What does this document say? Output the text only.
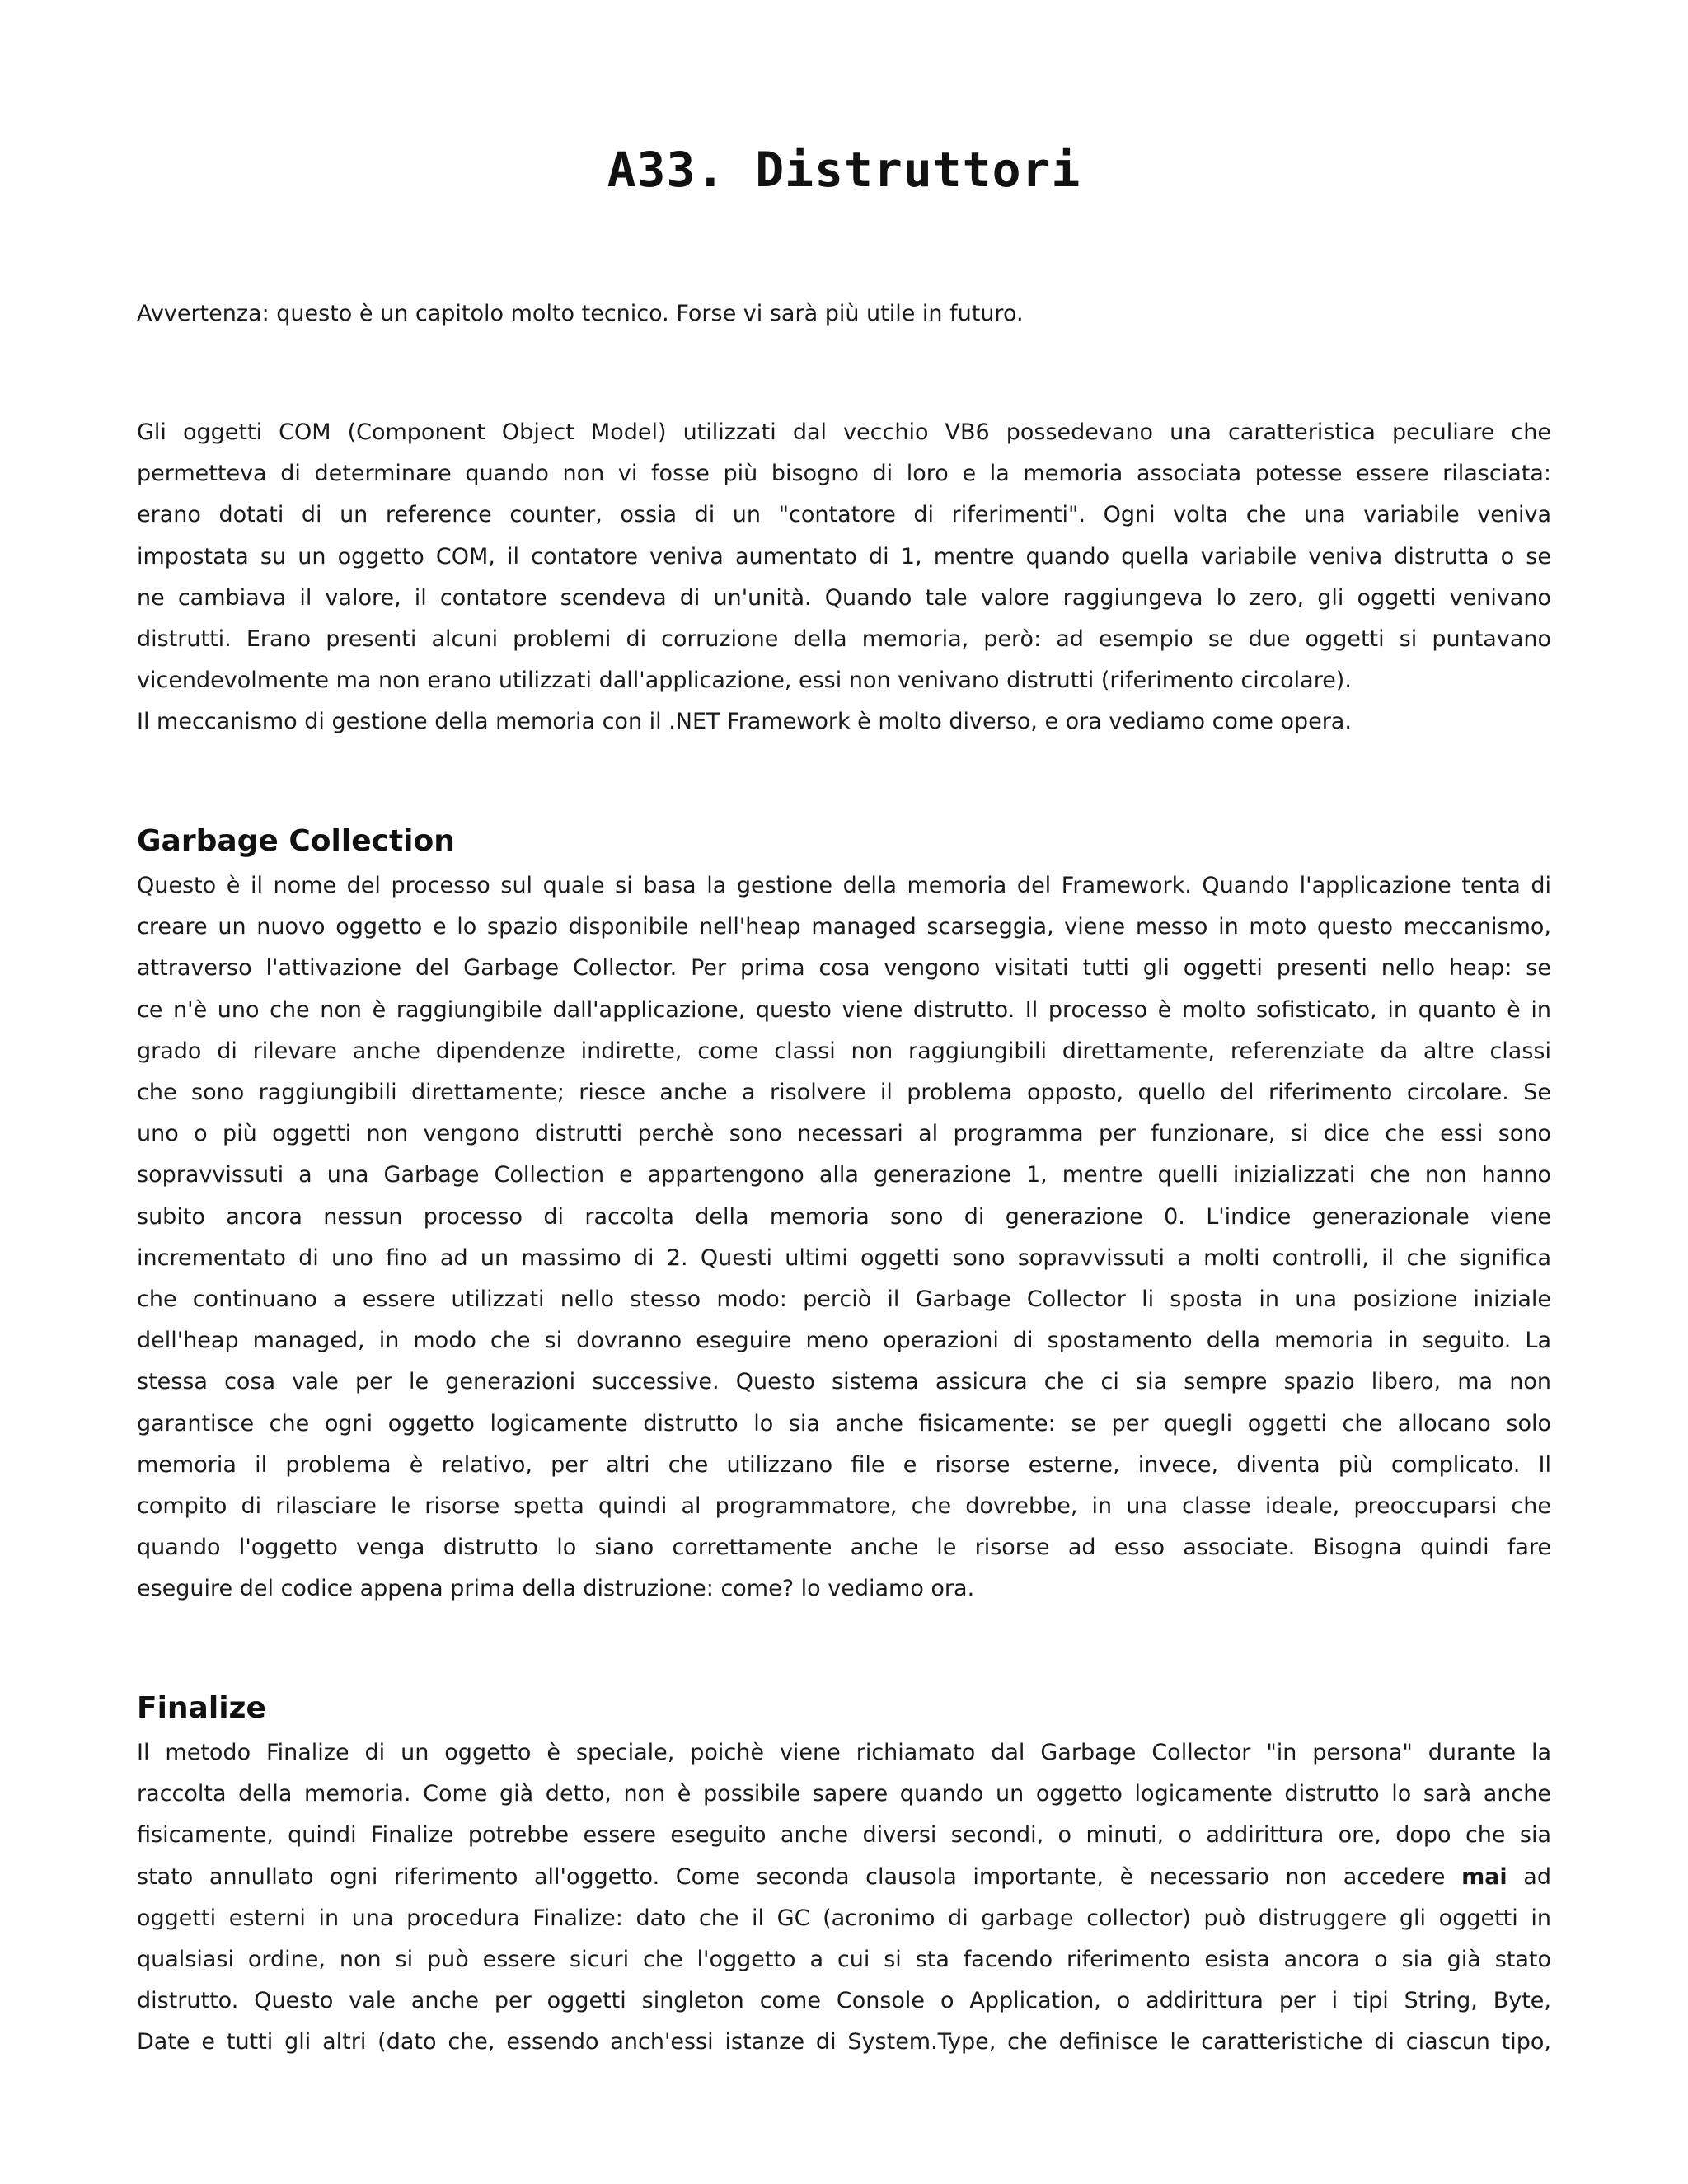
A33. Distruttori

Avvertenza: questo è un capitolo molto tecnico. Forse vi sarà più utile in futuro.

Gli oggetti COM (Component Object Model) utilizzati dal vecchio VB6 possedevano una caratteristica peculiare che
permetteva di determinare quando non vi fosse più bisogno di loro e la memoria associata potesse essere rilasciata:
erano dotati di un reference counter, ossia di un "contatore di riferimenti". Ogni volta che una variabile veniva
impostata su un oggetto COM, il contatore veniva aumentato di 1, mentre quando quella variabile veniva distrutta o se
ne cambiava il valore, il contatore scendeva di un'unità. Quando tale valore raggiungeva lo zero, gli oggetti venivano
distrutti. Erano presenti alcuni problemi di corruzione della memoria, però: ad esempio se due oggetti si puntavano
vicendevolmente ma non erano utilizzati dall'applicazione, essi non venivano distrutti (riferimento circolare).
Il meccanismo di gestione della memoria con il .NET Framework è molto diverso, e ora vediamo come opera.
Garbage Collection
Questo è il nome del processo sul quale si basa la gestione della memoria del Framework. Quando l'applicazione tenta di
creare un nuovo oggetto e lo spazio disponibile nell'heap managed scarseggia, viene messo in moto questo meccanismo,
attraverso l'attivazione del Garbage Collector. Per prima cosa vengono visitati tutti gli oggetti presenti nello heap: se
ce n'è uno che non è raggiungibile dall'applicazione, questo viene distrutto. Il processo è molto sofisticato, in quanto è in
grado di rilevare anche dipendenze indirette, come classi non raggiungibili direttamente, referenziate da altre classi
che sono raggiungibili direttamente; riesce anche a risolvere il problema opposto, quello del riferimento circolare. Se
uno o più oggetti non vengono distrutti perchè sono necessari al programma per funzionare, si dice che essi sono
sopravvissuti a una Garbage Collection e appartengono alla generazione 1, mentre quelli inizializzati che non hanno
subito ancora nessun processo di raccolta della memoria sono di generazione 0. L'indice generazionale viene
incrementato di uno fino ad un massimo di 2. Questi ultimi oggetti sono sopravvissuti a molti controlli, il che significa
che continuano a essere utilizzati nello stesso modo: perciò il Garbage Collector li sposta in una posizione iniziale
dell'heap managed, in modo che si dovranno eseguire meno operazioni di spostamento della memoria in seguito. La
stessa cosa vale per le generazioni successive. Questo sistema assicura che ci sia sempre spazio libero, ma non
garantisce che ogni oggetto logicamente distrutto lo sia anche fisicamente: se per quegli oggetti che allocano solo
memoria il problema è relativo, per altri che utilizzano file e risorse esterne, invece, diventa più complicato. Il
compito di rilasciare le risorse spetta quindi al programmatore, che dovrebbe, in una classe ideale, preoccuparsi che
quando l'oggetto venga distrutto lo siano correttamente anche le risorse ad esso associate. Bisogna quindi fare
eseguire del codice appena prima della distruzione: come? lo vediamo ora.
Finalize
Il metodo Finalize di un oggetto è speciale, poichè viene richiamato dal Garbage Collector "in persona" durante la
raccolta della memoria. Come già detto, non è possibile sapere quando un oggetto logicamente distrutto lo sarà anche
fisicamente, quindi Finalize potrebbe essere eseguito anche diversi secondi, o minuti, o addirittura ore, dopo che sia
stato annullato ogni riferimento all'oggetto. Come seconda clausola importante, è necessario non accedere mai ad
oggetti esterni in una procedura Finalize: dato che il GC (acronimo di garbage collector) può distruggere gli oggetti in
qualsiasi ordine, non si può essere sicuri che l'oggetto a cui si sta facendo riferimento esista ancora o sia già stato
distrutto. Questo vale anche per oggetti singleton come Console o Application, o addirittura per i tipi String, Byte,
Date e tutti gli altri (dato che, essendo anch'essi istanze di System.Type, che definisce le caratteristiche di ciascun tipo,
